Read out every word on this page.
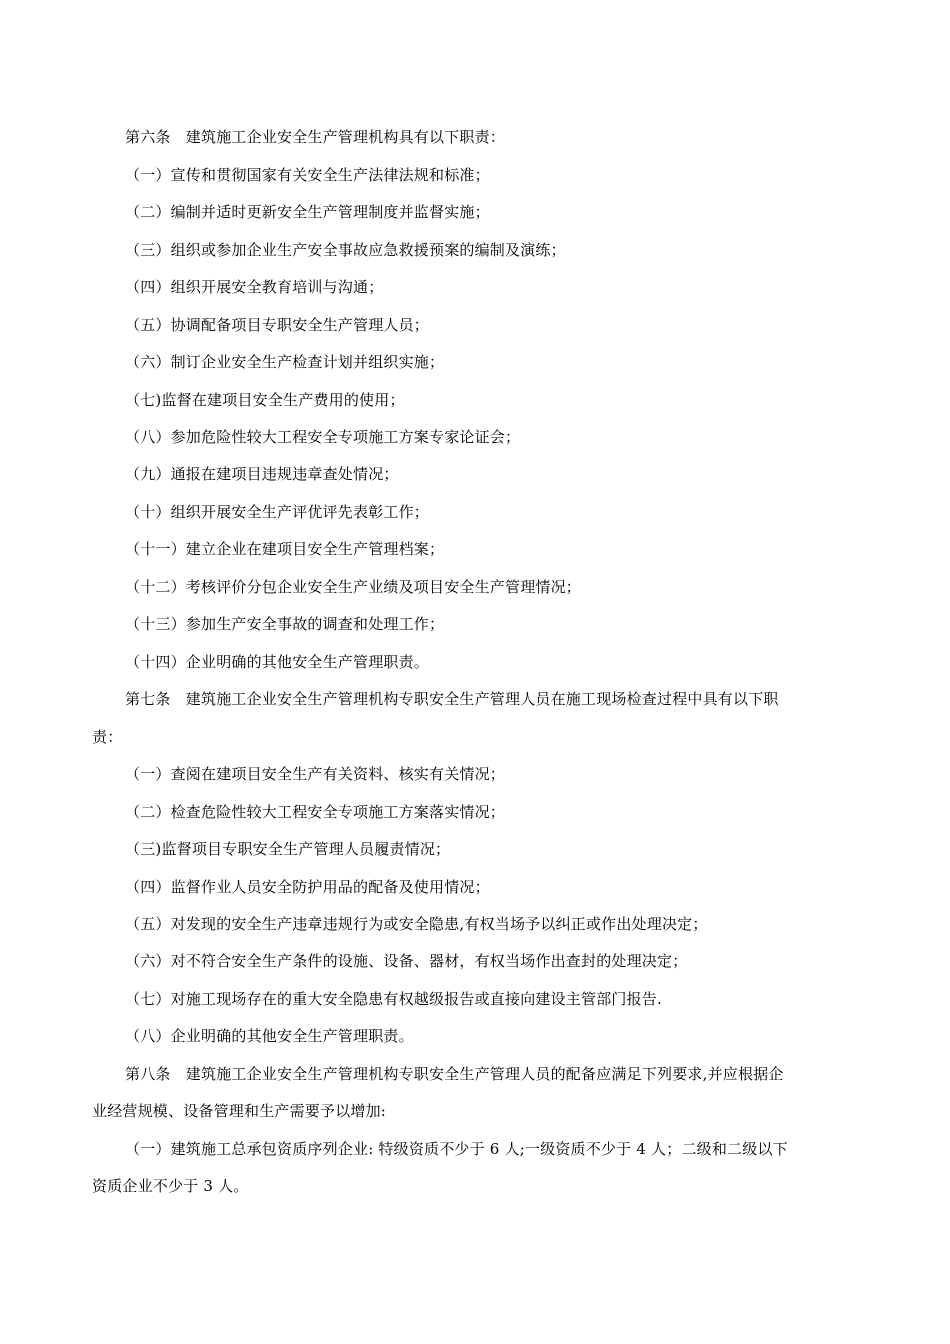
第六条　建筑施工企业安全生产管理机构具有以下职责：
（一）宣传和贯彻国家有关安全生产法律法规和标准；
（二）编制并适时更新安全生产管理制度并监督实施；
（三）组织或参加企业生产安全事故应急救援预案的编制及演练；
（四）组织开展安全教育培训与沟通；
（五）协调配备项目专职安全生产管理人员；
（六）制订企业安全生产检查计划并组织实施；
（七)监督在建项目安全生产费用的使用；
（八）参加危险性较大工程安全专项施工方案专家论证会；
（九）通报在建项目违规违章查处情况；
（十）组织开展安全生产评优评先表彰工作；
（十一）建立企业在建项目安全生产管理档案；
（十二）考核评价分包企业安全生产业绩及项目安全生产管理情况；
（十三）参加生产安全事故的调查和处理工作；
（十四）企业明确的其他安全生产管理职责。
第七条　建筑施工企业安全生产管理机构专职安全生产管理人员在施工现场检查过程中具有以下职
责：
（一）查阅在建项目安全生产有关资料、核实有关情况；
（二）检查危险性较大工程安全专项施工方案落实情况；
（三)监督项目专职安全生产管理人员履责情况；
（四）监督作业人员安全防护用品的配备及使用情况；
（五）对发现的安全生产违章违规行为或安全隐患,有权当场予以纠正或作出处理决定；
（六）对不符合安全生产条件的设施、设备、器材，有权当场作出查封的处理决定；
（七）对施工现场存在的重大安全隐患有权越级报告或直接向建设主管部门报告.
（八）企业明确的其他安全生产管理职责。
第八条　建筑施工企业安全生产管理机构专职安全生产管理人员的配备应满足下列要求,并应根据企
业经营规模、设备管理和生产需要予以增加:
（一）建筑施工总承包资质序列企业: 特级资质不少于 6 人;一级资质不少于 4 人；二级和二级以下
资质企业不少于 3 人。
